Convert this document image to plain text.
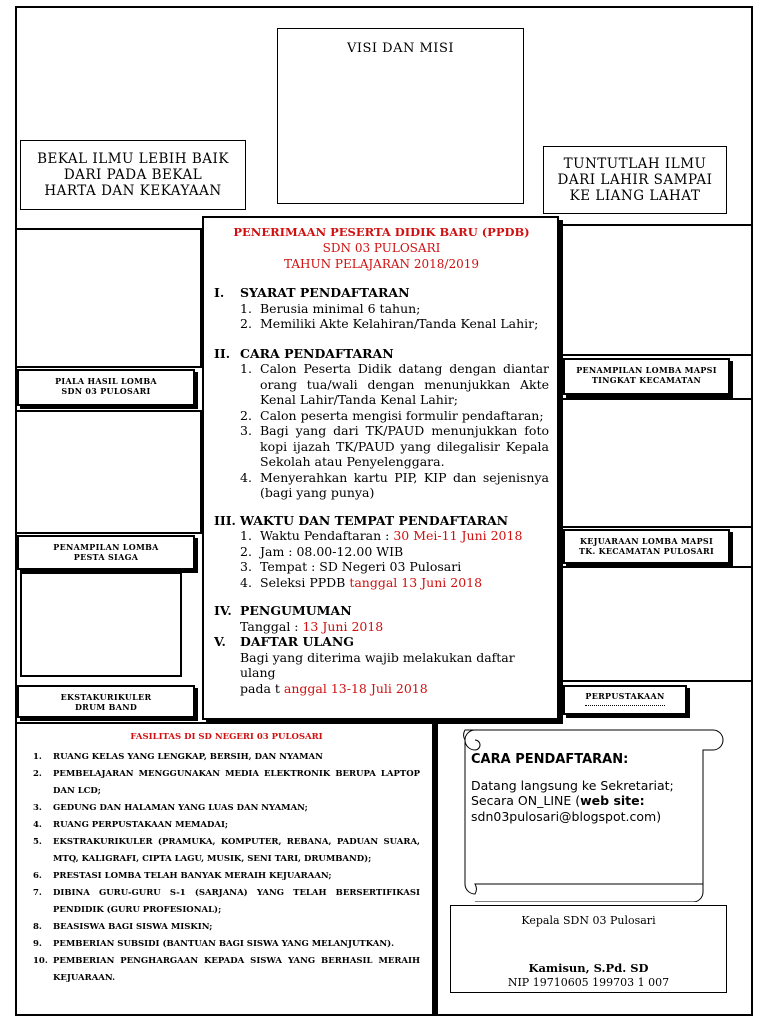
VISI DAN MISI
BEKAL ILMU LEBIH BAIK DARI PADA BEKAL HARTA DAN KEKAYAAN
TUNTUTLAH ILMU DARI LAHIR SAMPAI KE LIANG LAHAT
PIALA HASIL LOMBA SDN 03 PULOSARI
PENAMPILAN LOMBA PESTA SIAGA
EKSTAKURIKULER DRUM BAND
PENAMPILAN LOMBA MAPSI TINGKAT KECAMATAN
KEJUARAAN LOMBA MAPSI TK. KECAMATAN PULOSARI
PERPUSTAKAAN
PENERIMAAN PESERTA DIDIK BARU (PPDB)
SDN 03 PULOSARI
TAHUN PELAJARAN 2018/2019
I.	SYARAT PENDAFTARAN
1. Berusia minimal 6 tahun;
2. Memiliki Akte Kelahiran/Tanda Kenal Lahir;
II. CARA PENDAFTARAN
1. Calon Peserta Didik datang dengan diantar orang tua/wali dengan menunjukkan Akte Kenal Lahir/Tanda Kenal Lahir;
2. Calon peserta mengisi formulir pendaftaran;
3. Bagi yang dari TK/PAUD menunjukkan foto kopi ijazah TK/PAUD yang dilegalisir Kepala Sekolah atau Penyelenggara.
4. Menyerahkan kartu PIP, KIP dan sejenisnya (bagi yang punya)
III. WAKTU DAN TEMPAT PENDAFTARAN
1. Waktu Pendaftaran : 30 Mei-11 Juni 2018
2. Jam : 08.00-12.00 WIB
3. Tempat : SD Negeri 03 Pulosari
4. Seleksi PPDB tanggal 13 Juni 2018
IV. PENGUMUMAN
Tanggal : 13 Juni 2018
V.	DAFTAR ULANG
Bagi yang diterima wajib melakukan daftar ulang
pada t anggal 13-18 Juli 2018
FASILITAS DI SD NEGERI 03 PULOSARI
1.	RUANG KELAS YANG LENGKAP, BERSIH, DAN NYAMAN
2.	PEMBELAJARAN MENGGUNAKAN MEDIA ELEKTRONIK BERUPA LAPTOP DAN LCD;
3.	GEDUNG DAN HALAMAN YANG LUAS DAN NYAMAN;
4.	RUANG PERPUSTAKAAN MEMADAI;
5.	EKSTRAKURIKULER (PRAMUKA, KOMPUTER, REBANA, PADUAN SUARA, MTQ, KALIGRAFI, CIPTA LAGU, MUSIK, SENI TARI, DRUMBAND);
6.	PRESTASI LOMBA TELAH BANYAK MERAIH KEJUARAAN;
7.	DIBINA GURU-GURU S-1 (SARJANA) YANG TELAH BERSERTIFIKASI PENDIDIK (GURU PROFESIONAL);
8.	BEASISWA BAGI SISWA MISKIN;
9.	PEMBERIAN SUBSIDI (BANTUAN BAGI SISWA YANG MELANJUTKAN).
10. PEMBERIAN PENGHARGAAN KEPADA SISWA YANG BERHASIL MERAIH KEJUARAAN.
CARA PENDAFTARAN:
Datang langsung ke Sekretariat;
Secara ON_LINE (web site:
sdn03pulosari@blogspot.com)
Kepala SDN 03 Pulosari
Kamisun, S.Pd. SD
NIP 19710605 199703 1 007
